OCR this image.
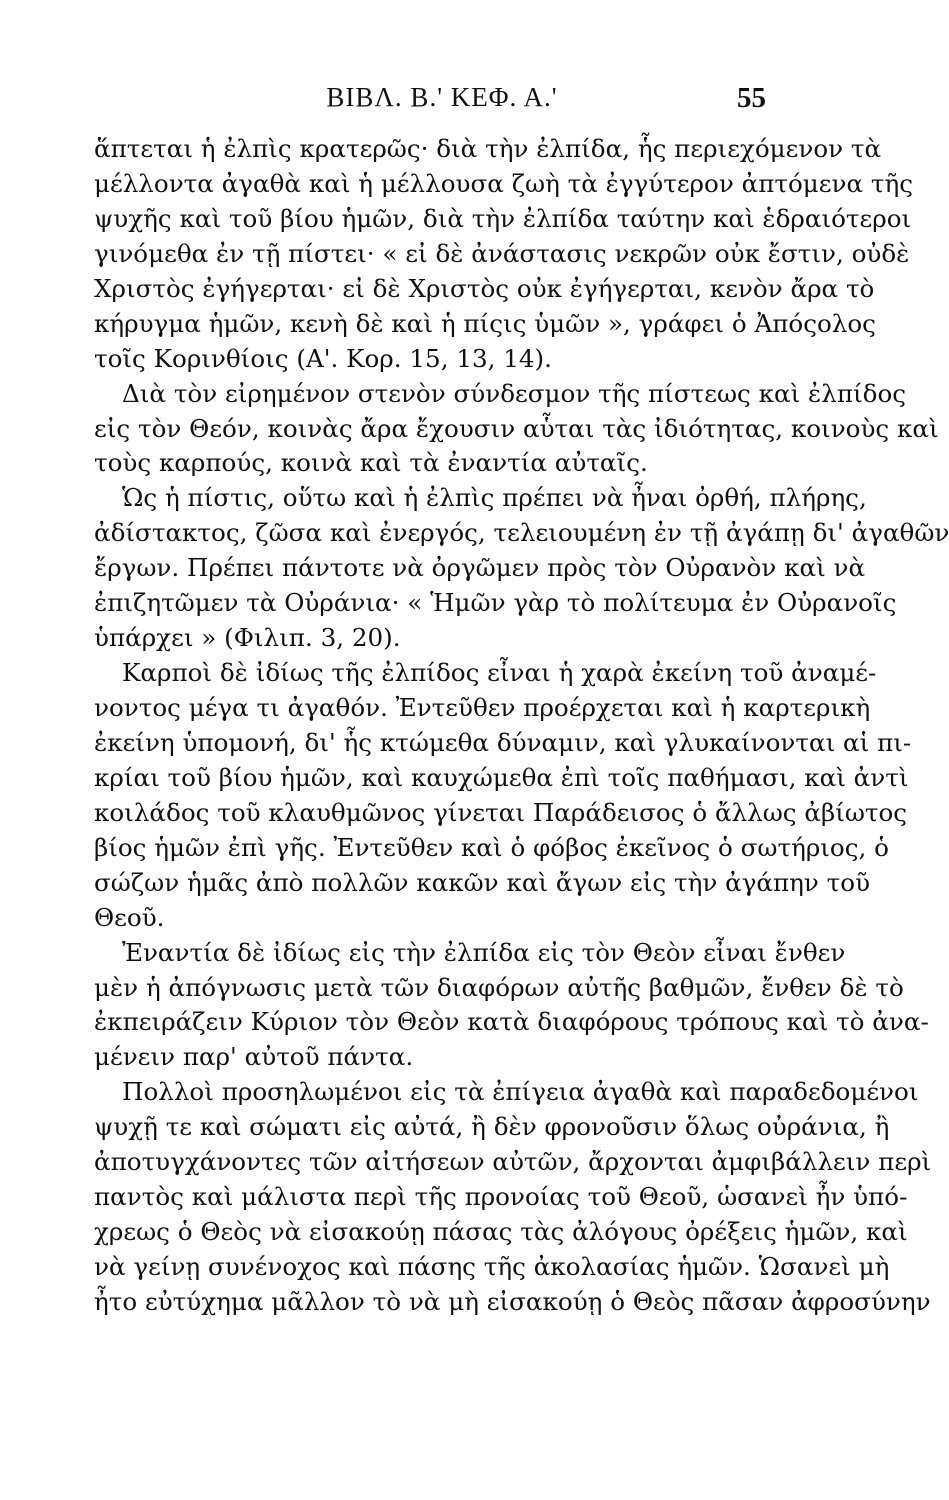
ΒΙΒΛ. Β.' ΚΕΦ. Α.'	55
ἅπτεται ἡ ἐλπὶς κρατερῶς· διὰ τὴν ἐλπίδα, ἧς περιεχόμενον τὰ
μέλλοντα ἀγαθὰ καὶ ἡ μέλλουσα ζωὴ τὰ ἐγγύτερον ἀπτόμενα τῆς
ψυχῆς καὶ τοῦ βίου ἡμῶν, διὰ τὴν ἐλπίδα ταύτην καὶ ἑδραιότεροι
γινόμεθα ἐν τῇ πίστει· « εἰ δὲ ἀνάστασις νεκρῶν οὐκ ἔστιν, οὐδὲ
Χριστὸς ἐγήγερται· εἰ δὲ Χριστὸς οὐκ ἐγήγερται, κενὸν ἄρα τὸ
κήρυγμα ἡμῶν, κενὴ δὲ καὶ ἡ πίςις ὑμῶν », γράφει ὁ Ἀπόςολος
τοῖς Κορινθίοις (Α'. Κορ. 15, 13, 14).
Διὰ τὸν εἰρημένον στενὸν σύνδεσμον τῆς πίστεως καὶ ἐλπίδος
εἰς τὸν Θεόν, κοινὰς ἄρα ἔχουσιν αὗται τὰς ἰδιότητας, κοινοὺς καὶ
τοὺς καρπούς, κοινὰ καὶ τὰ ἐναντία αὐταῖς.
Ὡς ἡ πίστις, οὕτω καὶ ἡ ἐλπὶς πρέπει νὰ ἦναι ὀρθή, πλήρης,
ἀδίστακτος, ζῶσα καὶ ἐνεργός, τελειουμένη ἐν τῇ ἀγάπῃ δι' ἀγαθῶν
ἔργων. Πρέπει πάντοτε νὰ ὀργῶμεν πρὸς τὸν Οὐρανὸν καὶ νὰ
ἐπιζητῶμεν τὰ Οὐράνια· « Ἡμῶν γὰρ τὸ πολίτευμα ἐν Οὐρανοῖς
ὑπάρχει » (Φιλιπ. 3, 20).
Καρποὶ δὲ ἰδίως τῆς ἐλπίδος εἶναι ἡ χαρὰ ἐκείνη τοῦ ἀναμέ-
νοντος μέγα τι ἀγαθόν. Ἐντεῦθεν προέρχεται καὶ ἡ καρτερικὴ
ἐκείνη ὑπομονή, δι' ἧς κτώμεθα δύναμιν, καὶ γλυκαίνονται αἱ πι-
κρίαι τοῦ βίου ἡμῶν, καὶ καυχώμεθα ἐπὶ τοῖς παθήμασι, καὶ ἀντὶ
κοιλάδος τοῦ κλαυθμῶνος γίνεται Παράδεισος ὁ ἄλλως ἀβίωτος
βίος ἡμῶν ἐπὶ γῆς. Ἐντεῦθεν καὶ ὁ φόβος ἐκεῖνος ὁ σωτήριος, ὁ
σώζων ἡμᾶς ἀπὸ πολλῶν κακῶν καὶ ἄγων εἰς τὴν ἀγάπην τοῦ
Θεοῦ.
Ἐναντία δὲ ἰδίως εἰς τὴν ἐλπίδα εἰς τὸν Θεὸν εἶναι ἔνθεν
μὲν ἡ ἀπόγνωσις μετὰ τῶν διαφόρων αὐτῆς βαθμῶν, ἔνθεν δὲ τὸ
ἐκπειράζειν Κύριον τὸν Θεὸν κατὰ διαφόρους τρόπους καὶ τὸ ἀνα-
μένειν παρ' αὐτοῦ πάντα.
Πολλοὶ προσηλωμένοι εἰς τὰ ἐπίγεια ἀγαθὰ καὶ παραδεδομένοι
ψυχῇ τε καὶ σώματι εἰς αὐτά, ἢ δὲν φρονοῦσιν ὅλως οὐράνια, ἢ
ἀποτυγχάνοντες τῶν αἰτήσεων αὐτῶν, ἄρχονται ἀμφιβάλλειν περὶ
παντὸς καὶ μάλιστα περὶ τῆς προνοίας τοῦ Θεοῦ, ὡσανεὶ ἦν ὑπό-
χρεως ὁ Θεὸς νὰ εἰσακούῃ πάσας τὰς ἀλόγους ὀρέξεις ἡμῶν, καὶ
νὰ γείνῃ συνένοχος καὶ πάσης τῆς ἀκολασίας ἡμῶν. Ὡσανεὶ μὴ
ἦτο εὐτύχημα μᾶλλον τὸ νὰ μὴ εἰσακούῃ ὁ Θεὸς πᾶσαν ἀφροσύνην
